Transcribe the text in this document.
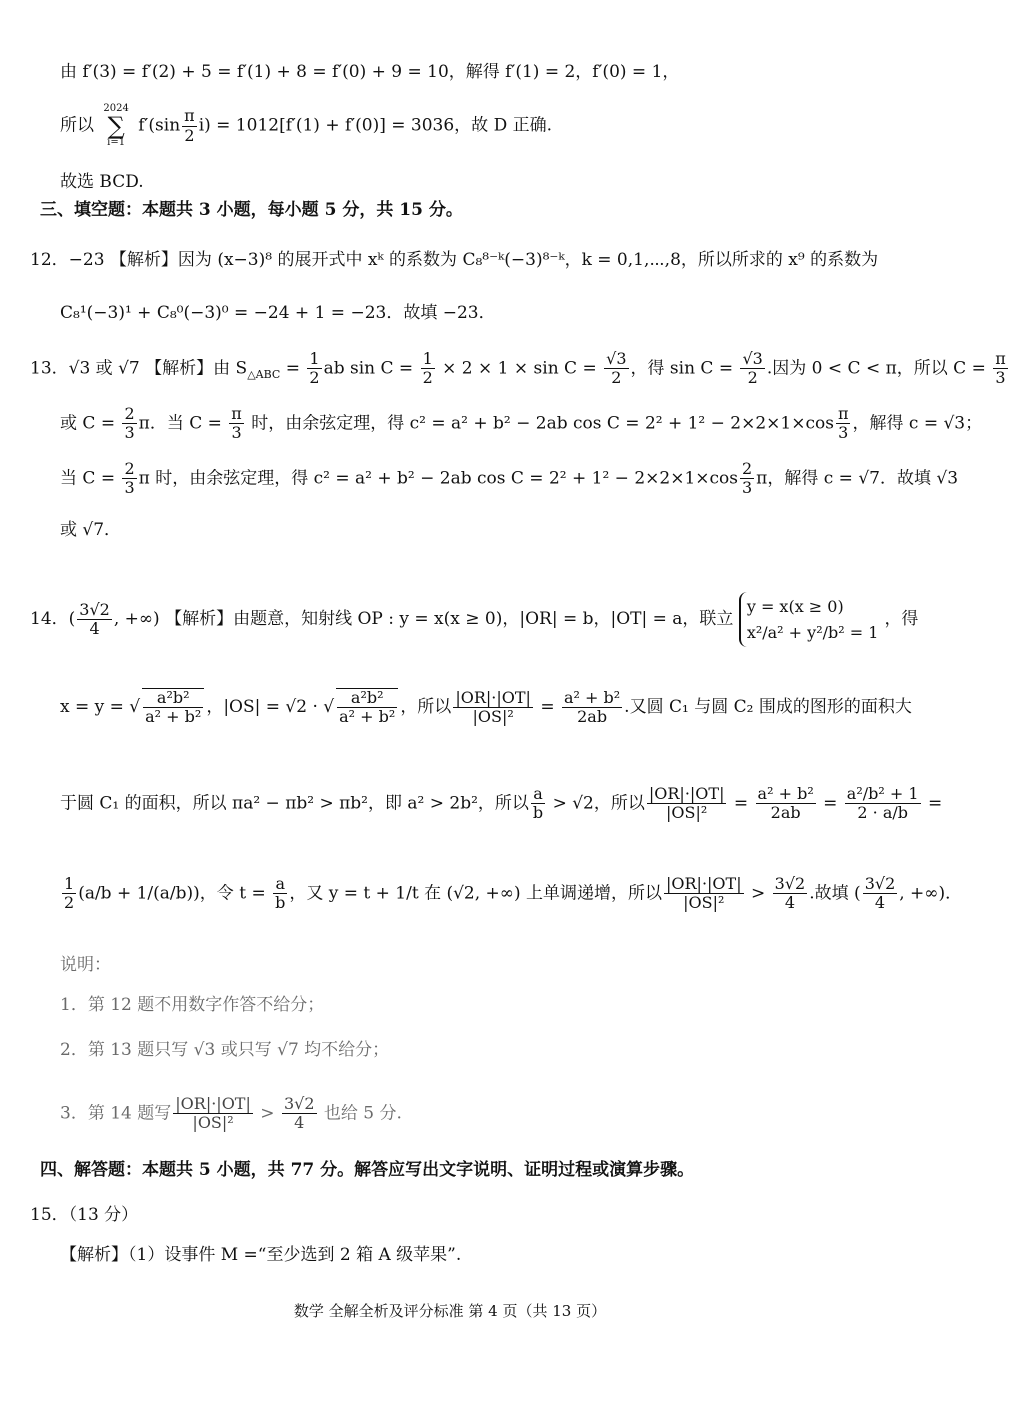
由 f′(3) = f′(2) + 5 = f′(1) + 8 = f′(0) + 9 = 10，解得 f′(1) = 2，f′(0) = 1，
所以
2024
∑
i=1
$f'(\sin \frac{\pi}{2} i) = 1012[f'(1) + f'(0)] = 3036$，故 D 正确.
故选 BCD.
三、填空题：本题共 3 小题，每小题 5 分，共 15 分。
12．−23 【解析】因为 (x−3)⁸ 的展开式中 xᵏ 的系数为 C₈⁸⁻ᵏ(−3)⁸⁻ᵏ，k = 0,1,⋯,8，所以所求的 x⁹ 的系数为
C₈¹(−3)¹ + C₈⁰(−3)⁰ = −24 + 1 = −23．故填 −23．
13．√3 或 √7 【解析】由 $S_{\triangle ABC} = \frac{1}{2}$ ab $\sin C = \frac{1}{2} \times 2 \times 1 \times \sin C = \frac{√3}{2}$ ，得 $\sin C = \frac{√3}{2}$ .因为 0 < C < π，所以 $C = \frac{\pi}{3}$
或 $C = \frac{2}{3}$ π．当 $C = \frac{\pi}{3}$ 时，由余弦定理，得 c² = a² + b² − 2ab $\cos C = 2^2 + 1^2 - 2\times 2\times 1\times\cos \frac{\pi}{3}$ ，解得 c = √3；
当 $C = \frac{2}{3}$ π 时，由余弦定理，得 c² = a² + b² − 2ab $\cos C = 2^2 + 1^2 - 2\times 2\times 1\times\cos \frac{2}{3}$ π，解得 c = √7．故填 √3
或 √7．
14．( $\frac{3√2}{4}$ , +∞) 【解析】由题意，知射线 OP : y = x(x ≥ 0)，|OR| = b，|OT| = a，联立
y = x(x ≥ 0)
x²/a² + y²/b² = 1
，得
x = y = √ $\frac{\text{a²b²}}{\text{a² + b²}}$ ，|OS| = √2 · √ $\frac{\text{a²b²}}{\text{a² + b²}}$ ，所以 $\frac{|OR|\cdot|OT|}{\text{|OS|²}} = \frac{\text{a² + b²}}{2ab}$ .又圆 C₁ 与圆 C₂ 围成的图形的面积大
于圆 C₁ 的面积，所以 πa² − πb² > πb²，即 a² > 2b²，所以 $\frac{a}{b} > √2$，所以 $\frac{|OR|\cdot|OT|}{\text{|OS|²}} = \frac{\text{a² + b²}}{2ab} = \frac{\text{a²/b² + 1}}{2 \cdot a/b}$ =
$\frac{1}{2} (a/b + 1/(a/b))$，令 $t = \frac{a}{b}$ ，又 y = t + 1/t 在 (√2, +∞) 上单调递增，所以 $\frac{|OR|\cdot|OT|}{\text{|OS|²}} > \frac{3√2}{4}$ .故填 ( $\frac{3√2}{4}$ , +∞)．
说明：
1．第 12 题不用数字作答不给分；
2．第 13 题只写 √3 或只写 √7 均不给分；
3．第 14 题写 $\frac{|OR|\cdot|OT|}{\text{|OS|²}} > \frac{3√2}{4}$ 也给 5 分.
四、解答题：本题共 5 小题，共 77 分。解答应写出文字说明、证明过程或演算步骤。
15．（13 分）
【解析】（1）设事件 M =“至少选到 2 箱 A 级苹果”.
数学 全解全析及评分标准 第 4 页（共 13 页）
